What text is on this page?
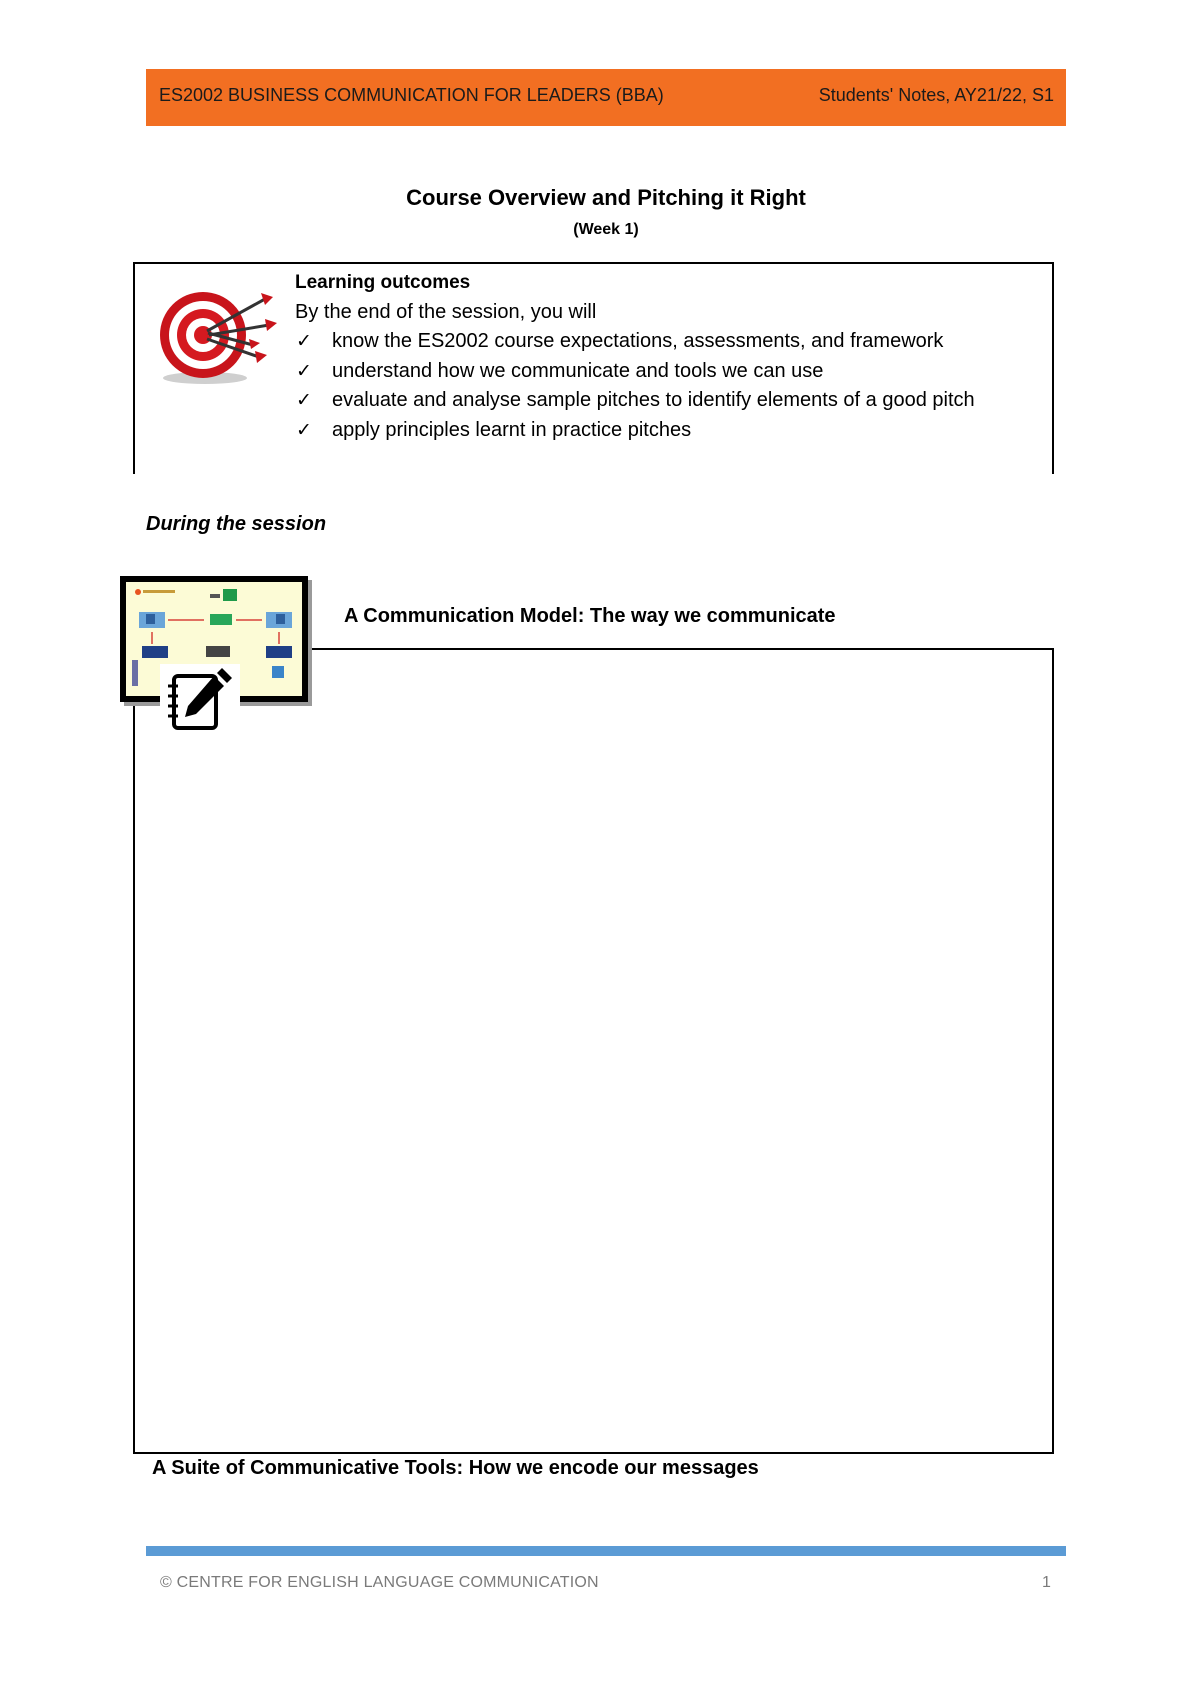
ES2002 BUSINESS COMMUNICATION FOR LEADERS (BBA)	Students' Notes, AY21/22, S1
Course Overview and Pitching it Right
(Week 1)
Learning outcomes
By the end of the session, you will
✓ know the ES2002 course expectations, assessments, and framework
✓ understand how we communicate and tools we can use
✓ evaluate and analyse sample pitches to identify elements of a good pitch
✓ apply principles learnt in practice pitches
During the session
A Communication Model: The way we communicate
A Suite of Communicative Tools: How we encode our messages
© CENTRE FOR ENGLISH LANGUAGE COMMUNICATION	1
